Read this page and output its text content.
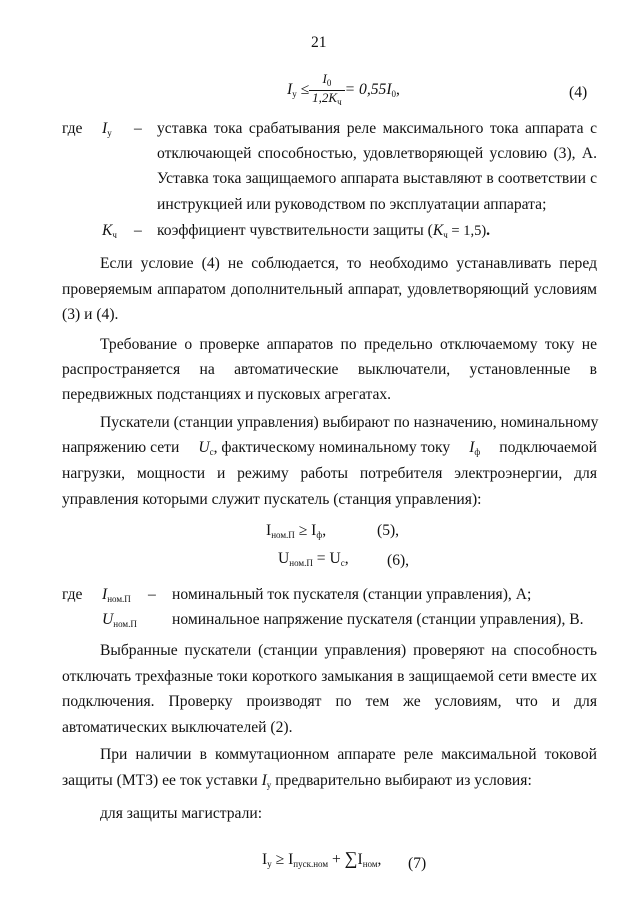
21
$I_у \le \frac{I_0}{1,2K_ч} = 0,55I_0$,	(4)
где $I_у$ – уставка тока срабатывания реле максимального тока аппарата с
отключающей способностью, удовлетворяющей условию (3), А.
Уставка тока защищаемого аппарата выставляют в соответствии с
инструкцией или руководством по эксплуатации аппарата;
$K_ч$ – коэффициент чувствительности защиты $(K_ч = 1,5)$.
Если условие (4) не соблюдается, то необходимо устанавливать перед
проверяемым аппаратом дополнительный аппарат, удовлетворяющий условиям
(3) и (4).
Требование о проверке аппаратов по предельно отключаемому току не
распространяется на автоматические выключатели, установленные в
передвижных подстанциях и пусковых агрегатах.
Пускатели (станции управления) выбирают по назначению, номинальному
напряжению сети $U_с$, фактическому номинальному току $I_ф$ подключаемой
нагрузки, мощности и режиму работы потребителя электроэнергии, для
управления которыми служит пускатель (станция управления):
$I_{ном.П} \ge I_ф$,	(5),
$U_{ном.П} = U_с$, (6),
где $I_{ном.П}$ – номинальный ток пускателя (станции управления), А;
$U_{ном.П}$ номинальное напряжение пускателя (станции управления), В.
Выбранные пускатели (станции управления) проверяют на способность
отключать трехфазные токи короткого замыкания в защищаемой сети вместе их
подключения. Проверку производят по тем же условиям, что и для
автоматических выключателей (2).
При наличии в коммутационном аппарате реле максимальной токовой
защиты (МТЗ) ее ток уставки $I_у$ предварительно выбирают из условия:
для защиты магистрали:
$I_у \ge I_{пуск.ном} + \sum I_{ном}$, (7)
